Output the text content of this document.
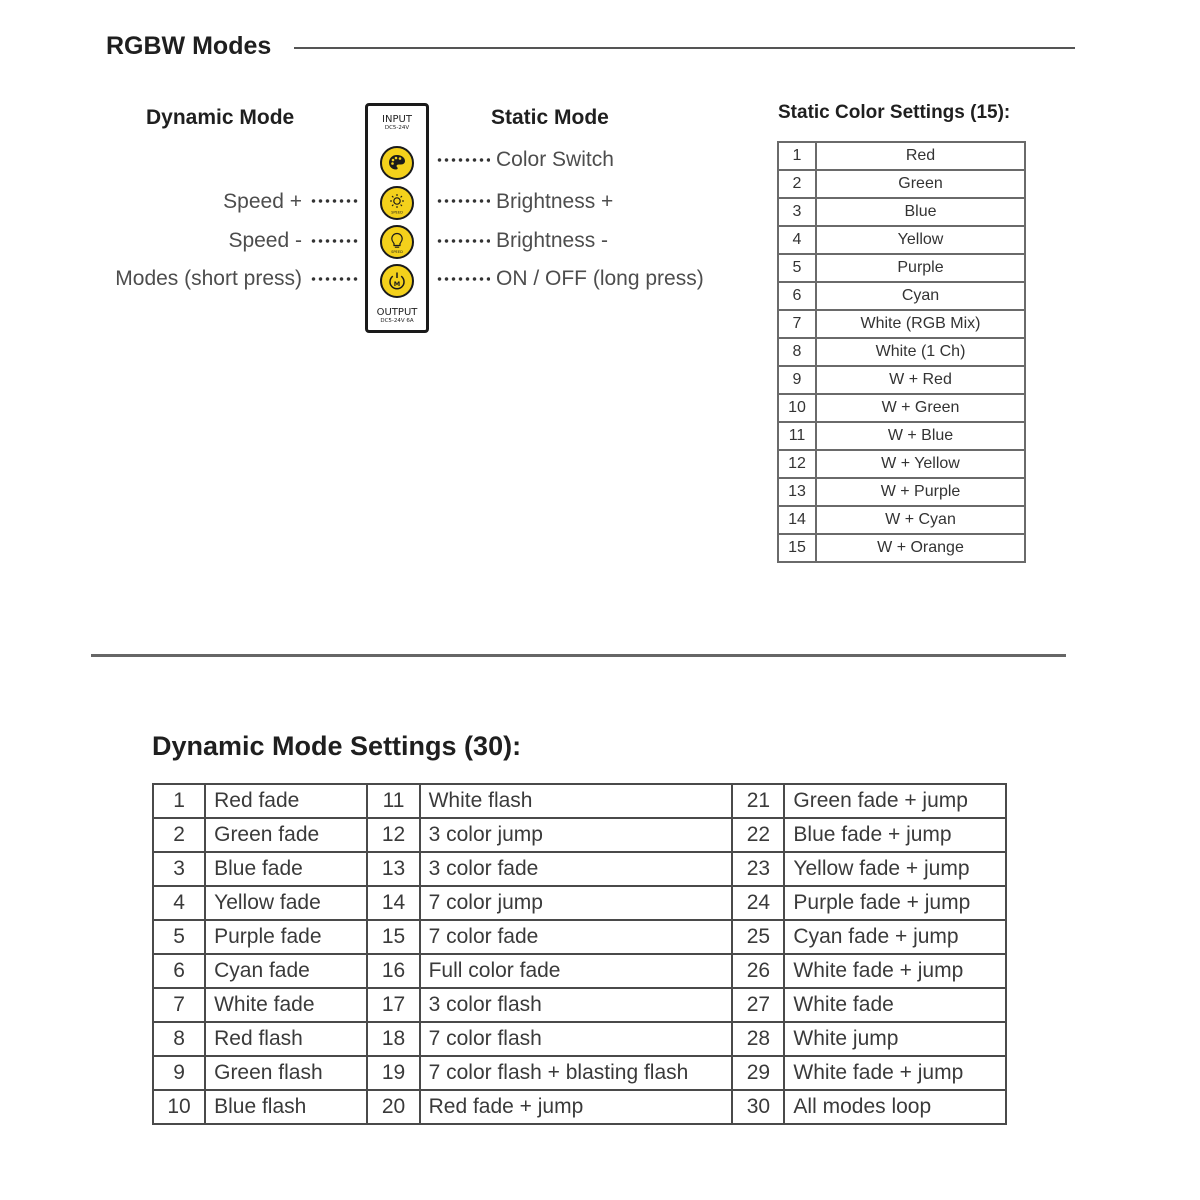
RGBW Modes
Dynamic Mode	Static Mode
Speed +
Speed -
Modes (short press)
Color Switch
Brightness +
Brightness -
ON / OFF (long press)
INPUT
DC5-24V
SPEED
SPEED
M
OUTPUT
DC5-24V 6A
Static Color Settings (15):
1	Red
2	Green
3	Blue
4	Yellow
5	Purple
6	Cyan
7	White (RGB Mix)
8	White (1 Ch)
9	W + Red
10	W + Green
11	W + Blue
12	W + Yellow
13	W + Purple
14	W + Cyan
15	W + Orange
Dynamic Mode Settings (30):
1	Red fade	11	White flash	21	Green fade + jump
2	Green fade	12	3 color jump	22	Blue fade + jump
3	Blue fade	13	3 color fade	23	Yellow fade + jump
4	Yellow fade	14	7 color jump	24	Purple fade + jump
5	Purple fade	15	7 color fade	25	Cyan fade + jump
6	Cyan fade	16	Full color fade	26	White fade + jump
7	White fade	17	3 color flash	27	White fade
8	Red flash	18	7 color flash	28	White jump
9	Green flash	19	7 color flash + blasting flash	29	White fade + jump
10	Blue flash	20	Red fade + jump	30	All modes loop
